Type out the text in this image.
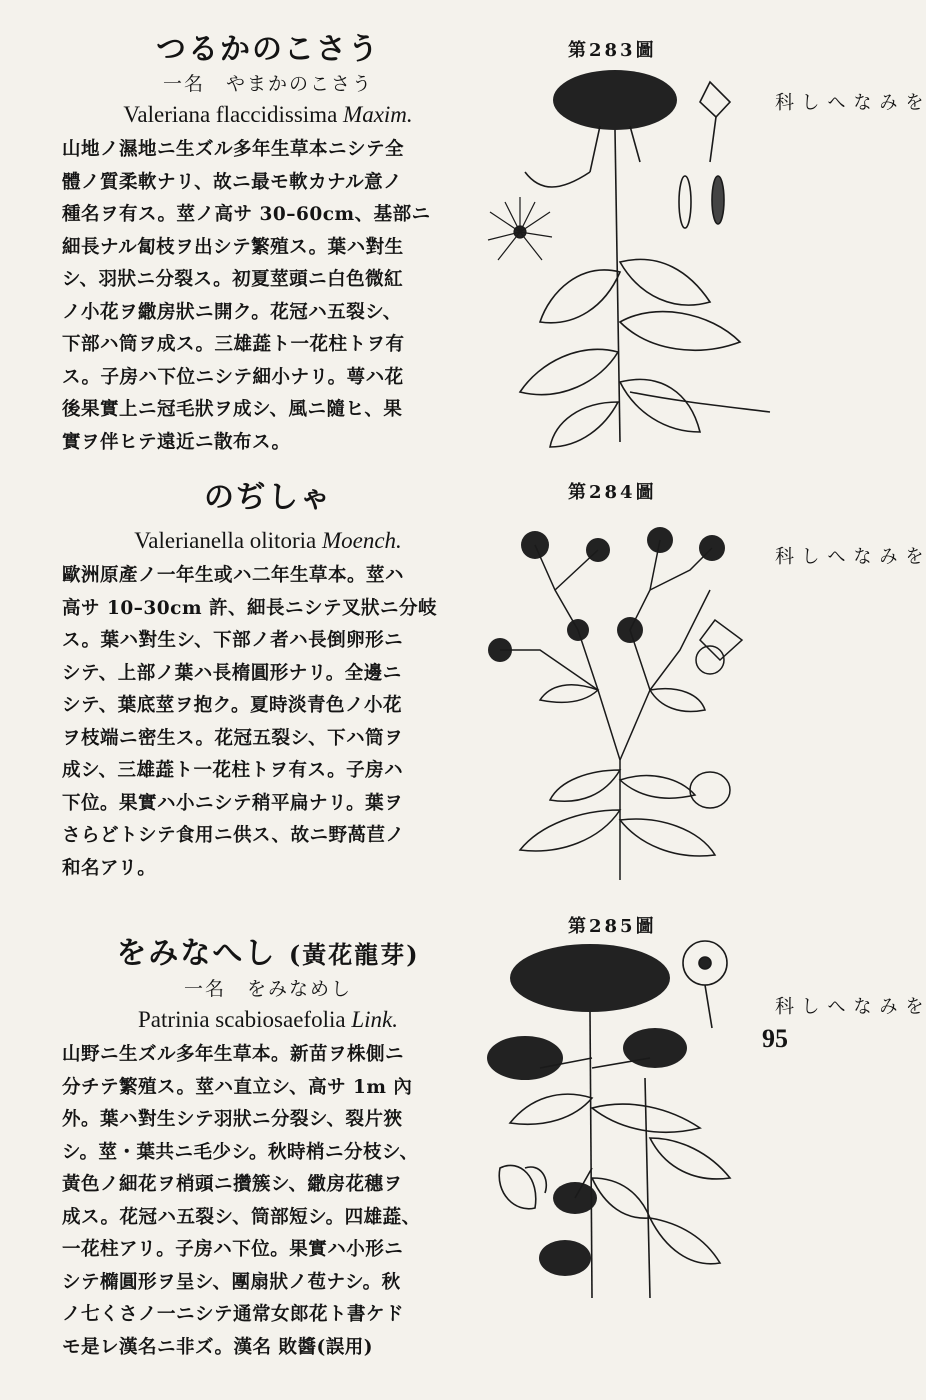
つるかのこさう
一名　やまかのこさう
Valeriana flaccidissima Maxim.
山地ノ濕地ニ生ズル多年生草本ニシテ全
體ノ質柔軟ナリ、故ニ最モ軟カナル意ノ
種名ヲ有ス。莖ノ高サ 30–60cm、基部ニ
細長ナル匐枝ヲ出シテ繁殖ス。葉ハ對生
シ、羽狀ニ分裂ス。初夏莖頭ニ白色微紅
ノ小花ヲ繖房狀ニ開ク。花冠ハ五裂シ、
下部ハ筒ヲ成ス。三雄蕋ト一花柱トヲ有
ス。子房ハ下位ニシテ細小ナリ。萼ハ花
後果實上ニ冠毛狀ヲ成シ、風ニ隨ヒ、果
實ヲ伴ヒテ遠近ニ散布ス。
第283圖
をみなへし科
のぢしゃ
Valerianella olitoria Moench.
歐洲原產ノ一年生或ハ二年生草本。莖ハ
高サ 10–30cm 許、細長ニシテ叉狀ニ分岐
ス。葉ハ對生シ、下部ノ者ハ長倒卵形ニ
シテ、上部ノ葉ハ長楕圓形ナリ。全邊ニ
シテ、葉底莖ヲ抱ク。夏時淡青色ノ小花
ヲ枝端ニ密生ス。花冠五裂シ、下ハ筒ヲ
成シ、三雄蕋ト一花柱トヲ有ス。子房ハ
下位。果實ハ小ニシテ稍平扁ナリ。葉ヲ
さらどトシテ食用ニ供ス、故ニ野萵苣ノ
和名アリ。
第284圖
をみなへし科
をみなへし (黃花龍芽)
一名　をみなめし
Patrinia scabiosaefolia Link.
山野ニ生ズル多年生草本。新苗ヲ株側ニ
分チテ繁殖ス。莖ハ直立シ、高サ 1m 內
外。葉ハ對生シテ羽狀ニ分裂シ、裂片狹
シ。莖・葉共ニ毛少シ。秋時梢ニ分枝シ、
黃色ノ細花ヲ梢頭ニ攢簇シ、繖房花穗ヲ
成ス。花冠ハ五裂シ、筒部短シ。四雄蕋、
一花柱アリ。子房ハ下位。果實ハ小形ニ
シテ橢圓形ヲ呈シ、團扇狀ノ苞ナシ。秋
ノ七くさノ一ニシテ通常女郎花ト書ケド
モ是レ漢名ニ非ズ。漢名 敗醬(誤用)
第285圖
をみなへし科
95
